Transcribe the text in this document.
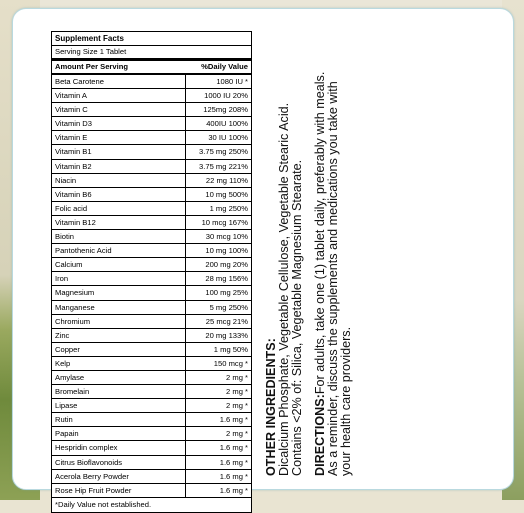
Supplement Facts
Serving Size 1 Tablet
Amount Per Serving	%Daily Value
Beta Carotene	1080 IU *
Vitamin A	1000 IU 20%
Vitamin C	125mg 208%
Vitamin D3	400IU 100%
Vitamin E	30 IU 100%
Vitamin B1	3.75 mg 250%
Vitamin B2	3.75 mg 221%
Niacin	22 mg 110%
Vitamin B6	10 mg 500%
Folic acid	1 mg 250%
Vitamin B12	10 mcg 167%
Biotin	30 mcg 10%
Pantothenic Acid	10 mg 100%
Calcium	200 mg 20%
Iron	28 mg 156%
Magnesium	100 mg 25%
Manganese	5 mg 250%
Chromium	25 mcg 21%
Zinc	20 mg 133%
Copper	1 mg 50%
Kelp	150 mcg *
Amylase	2 mg *
Bromelain	2 mg *
Lipase	2 mg *
Rutin	1.6 mg *
Papain	2 mg *
Hespridin complex	1.6 mg *
Citrus Bioflavonoids	1.6 mg *
Acerola Berry Powder	1.6 mg *
Rose Hip Fruit Powder	1.6 mg *
*Daily Value not established.

OTHER INGREDIENTS: Dicalcium Phosphate, Vegetable Cellulose, Vegetable Stearic Acid. Contains <2% of: Silica, Vegetable Magnesium Stearate. DIRECTIONS:For adults, take one (1) tablet daily, preferably with meals. As a reminder, discuss the supplements and medications you take with your health care providers.
